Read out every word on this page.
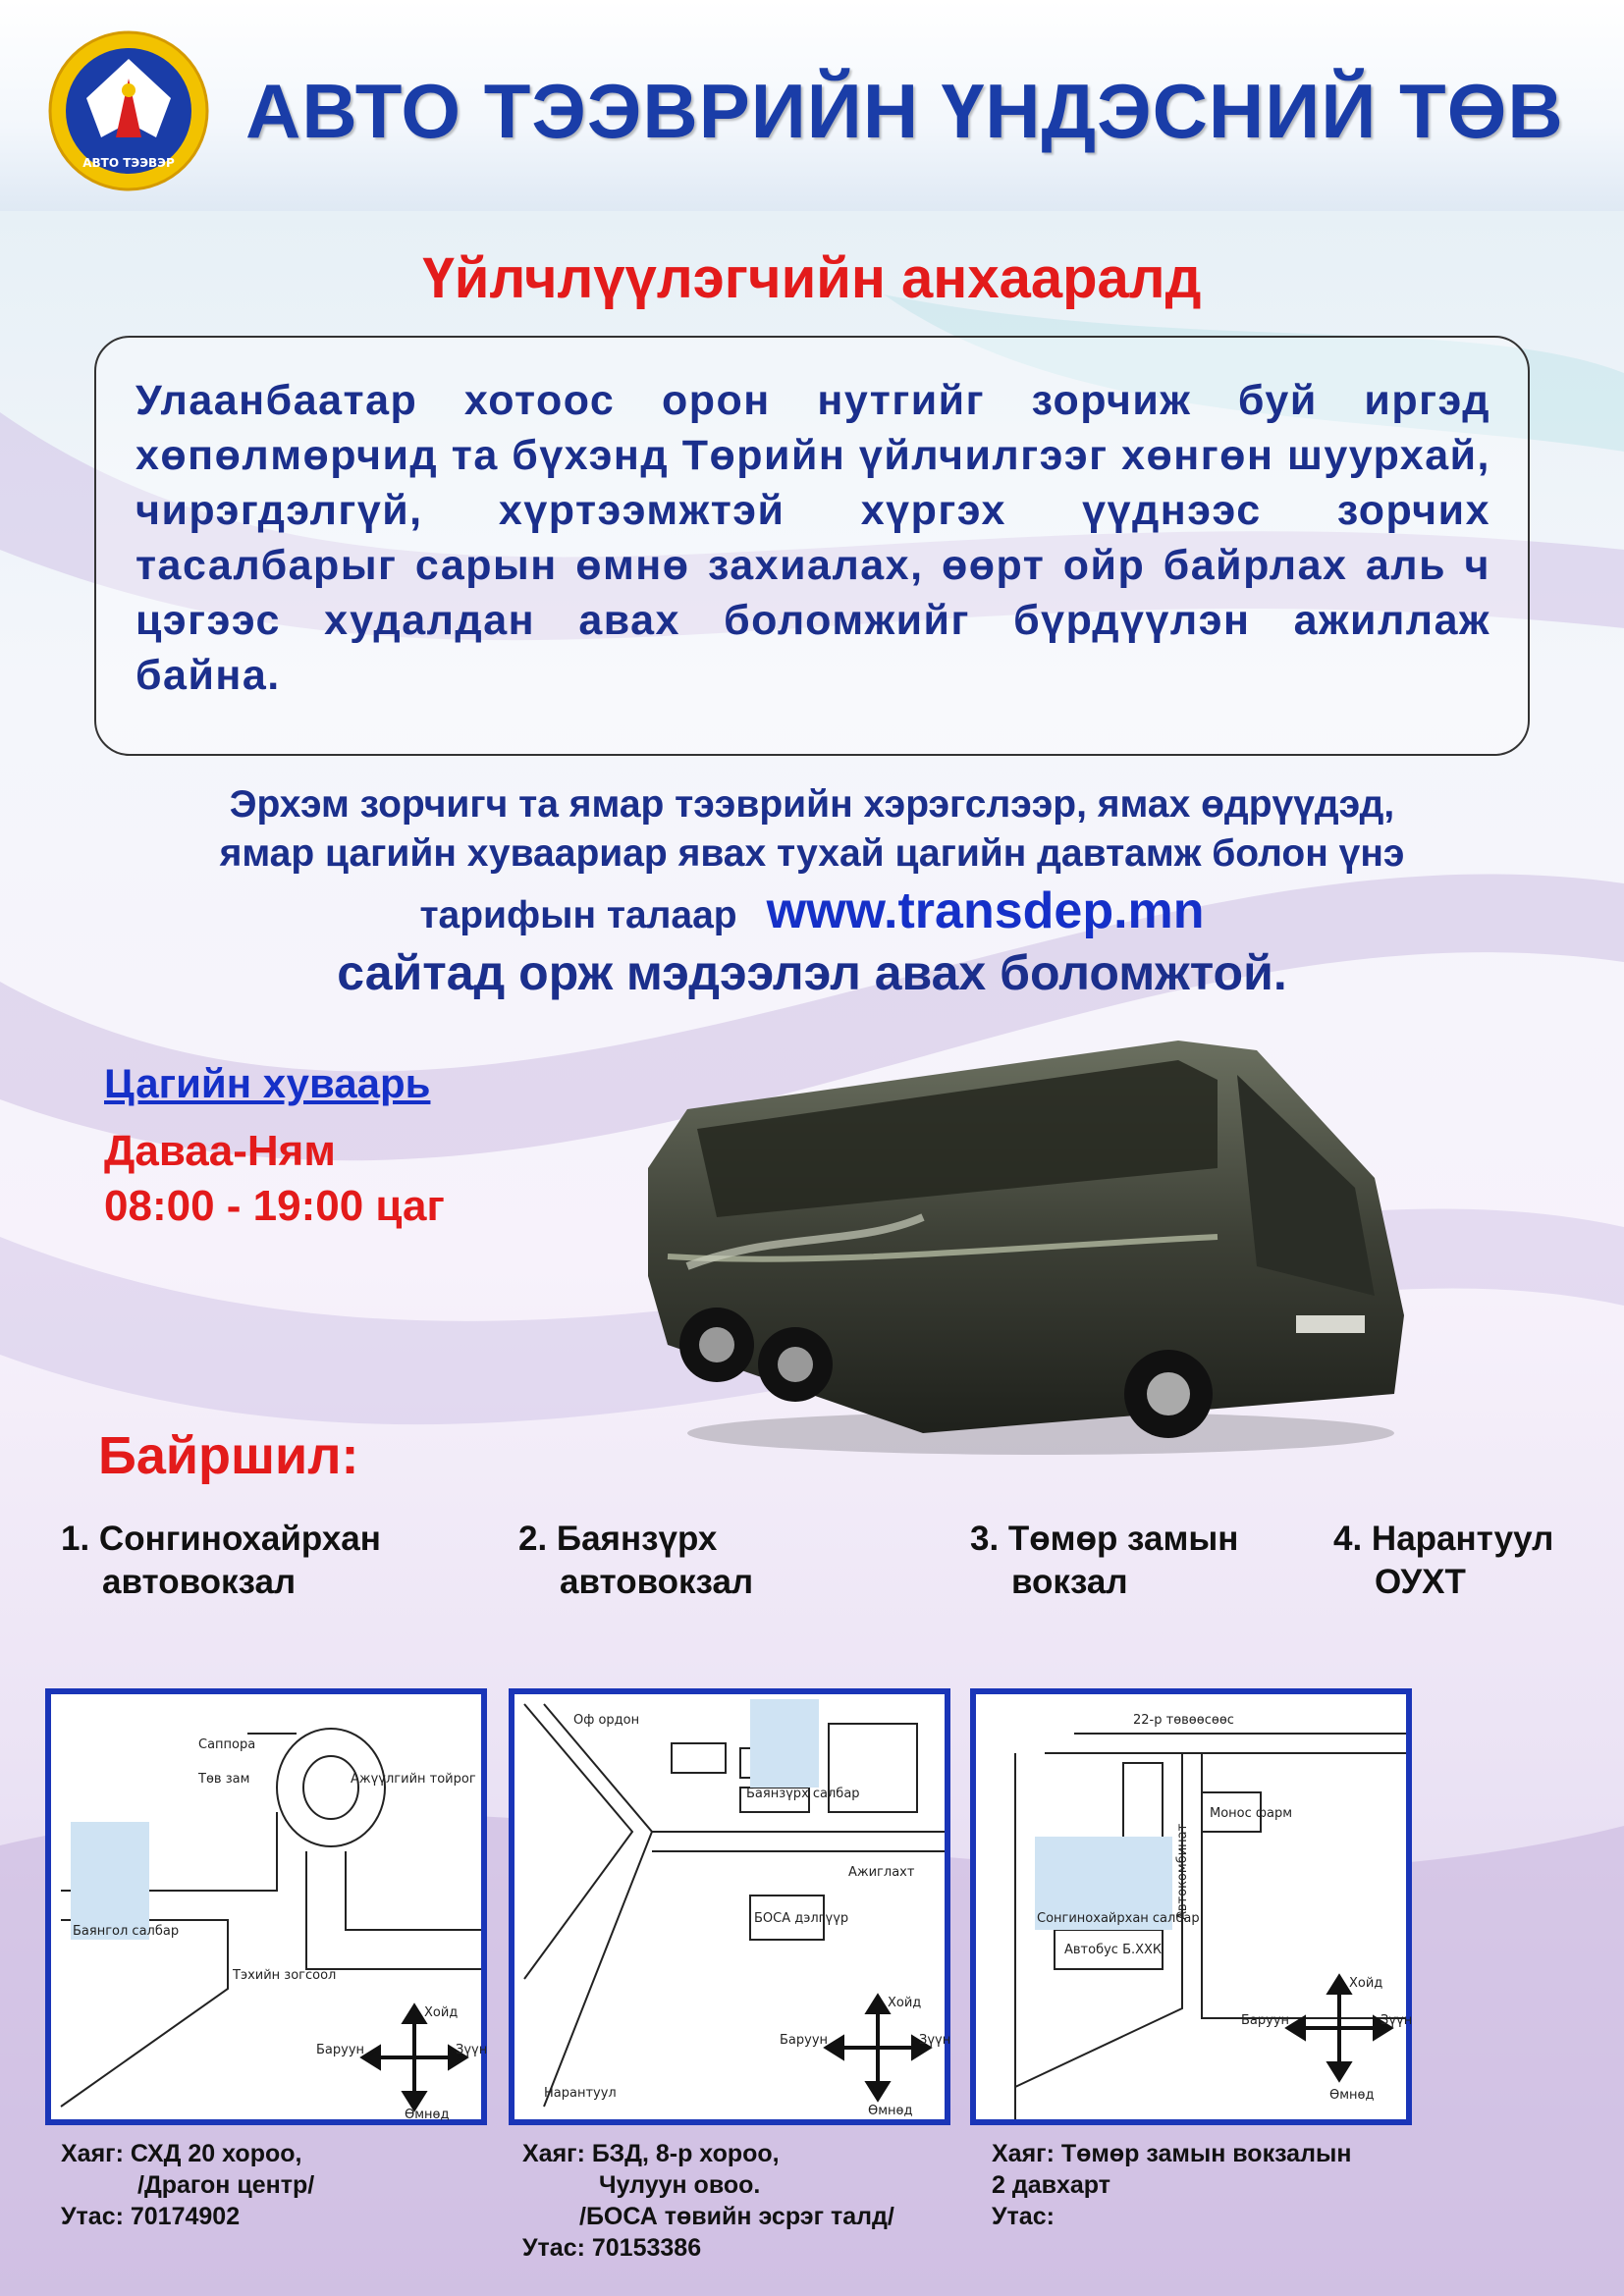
АВТО ТЭЭВЭР
АВТО ТЭЭВРИЙН ҮНДЭСНИЙ ТӨВ
Үйлчлүүлэгчийн анхааралд
Улаанбаатар хотоос орон нутгийг зорчиж буй иргэд хөпөлмөрчид та бүхэнд Төрийн үйлчилгээг хөнгөн шуурхай, чирэгдэлгүй, хүртээмжтэй хүргэх үүднээс зорчих тасалбарыг сарын өмнө захиалах, өөрт ойр байрлах аль ч цэгээс худалдан авах боломжийг бүрдүүлэн ажиллаж байна.
Эрхэм зорчигч та ямар тээврийн хэрэгслээр, ямах өдрүүдэд,
ямар цагийн хуваариар явах тухай цагийн давтамж болон үнэ
тарифын талаар www.transdep.mn
сайтад орж мэдээлэл авах боломжтой.
Цагийн хуваарь
Даваа-Ням
08:00 - 19:00 цаг
Байршил:
1. Сонгинохайрхан
автовокзал
2. Баянзүрх
автовокзал
3. Төмөр замын
вокзал
4. Нарантуул
ОУХТ
Саппора
Төв зам	Ажүүлгийн тойрог
Баянгол салбар
Тэхийн зогсоол
Хойд
Өмнөд
Зүүн
Баруун
Оф ордон
Баянзүрх салбар
БОСА дэлгүүр
Нарантуул
Ажиглахт
Хойд
Өмнөд
Зүүн
Баруун
22-р төвөөсөөс
Монос фарм
Сонгинохайрхан салбар
Автокомбинат
Автобус Б.ХХК
Хойд
Өмнөд
Зүүн
Баруун
Хаяг: СХД 20 хороо,
/Драгон центр/
Утас: 70174902
Хаяг: БЗД, 8-р хороо,
Чулуун овоо.
/БОСА төвийн эсрэг талд/
Утас: 70153386
Хаяг: Төмөр замын вокзалын
2 давхарт
Утас:
